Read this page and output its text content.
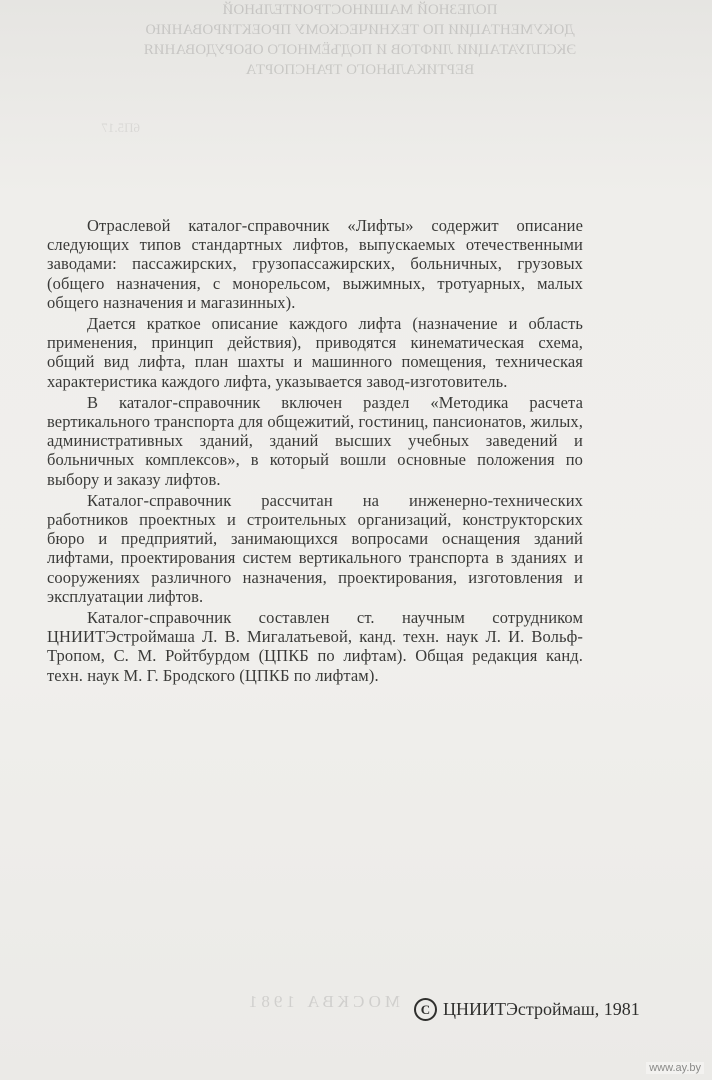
ПОЛЕЗНОЙ МАШИНОСТРОИТЕЛЬНОЙ
ДОКУМЕНТАЦИИ ПО ТЕХНИЧЕСКОМУ ПРОЕКТИРОВАНИЮ
ЭКСПЛУАТАЦИИ ЛИФТОВ И ПОДЪЁМНОГО ОБОРУДОВАНИЯ
ВЕРТИКАЛЬНОГО ТРАНСПОРТА
6П5.17

Отраслевой каталог-справочник «Лифты» содержит описание следующих типов стандартных лифтов, выпускаемых отечественными заводами: пассажирских, грузопассажирских, больничных, грузовых (общего назначения, с монорельсом, выжимных, тротуарных, малых общего назначения и магазинных).

Дается краткое описание каждого лифта (назначение и область применения, принцип действия), приводятся кинематическая схема, общий вид лифта, план шахты и машинного помещения, техническая характеристика каждого лифта, указывается завод-изготовитель.

В каталог-справочник включен раздел «Методика расчета вертикального транспорта для общежитий, гостиниц, пансионатов, жилых, административных зданий, зданий высших учебных заведений и больничных комплексов», в который вошли основные положения по выбору и заказу лифтов.

Каталог-справочник рассчитан на инженерно-технических работников проектных и строительных организаций, конструкторских бюро и предприятий, занимающихся вопросами оснащения зданий лифтами, проектирования систем вертикального транспорта в зданиях и сооружениях различного назначения, проектирования, изготовления и эксплуатации лифтов.

Каталог-справочник составлен ст. научным сотрудником ЦНИИТЭстроймаша Л. В. Мигалатьевой, канд. техн. наук Л. И. Вольф-Тропом, С. М. Ройтбурдом (ЦПКБ по лифтам). Общая редакция канд. техн. наук М. Г. Бродского (ЦПКБ по лифтам).

МОСКВА 1981	C ЦНИИТЭстроймаш, 1981
www.ay.by
